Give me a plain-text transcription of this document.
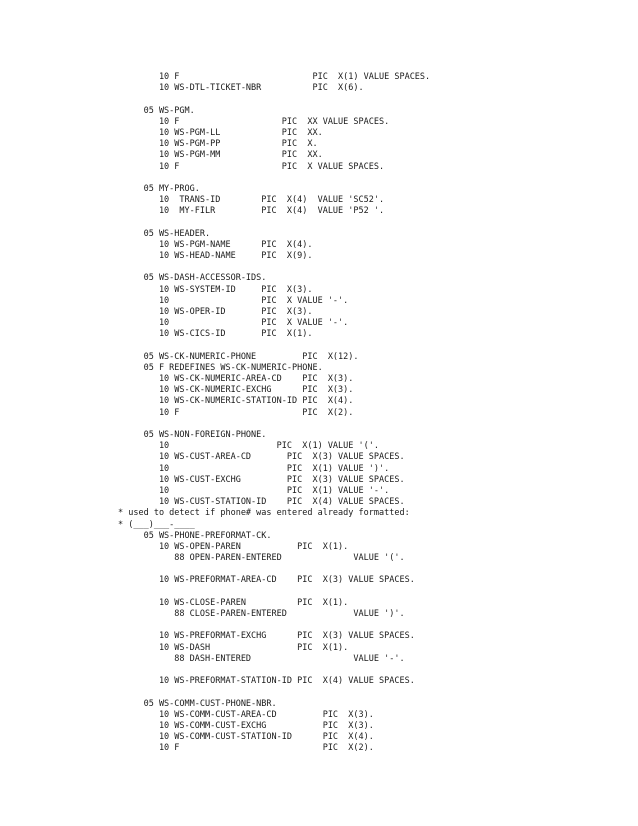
10 F                          PIC  X(1) VALUE SPACES.
10 WS-DTL-TICKET-NBR          PIC  X(6).
05 WS-PGM.
10 F                    PIC  XX VALUE SPACES.
10 WS-PGM-LL            PIC  XX.
10 WS-PGM-PP            PIC  X.
10 WS-PGM-MM            PIC  XX.
10 F                    PIC  X VALUE SPACES.
05 MY-PROG.
10  TRANS-ID        PIC  X(4)  VALUE 'SC52'.
10  MY-FILR         PIC  X(4)  VALUE 'P52 '.
05 WS-HEADER.
10 WS-PGM-NAME      PIC  X(4).
10 WS-HEAD-NAME     PIC  X(9).
05 WS-DASH-ACCESSOR-IDS.
10 WS-SYSTEM-ID     PIC  X(3).
10                  PIC  X VALUE '-'.
10 WS-OPER-ID       PIC  X(3).
10                  PIC  X VALUE '-'.
10 WS-CICS-ID       PIC  X(1).
05 WS-CK-NUMERIC-PHONE         PIC  X(12).
05 F REDEFINES WS-CK-NUMERIC-PHONE.
10 WS-CK-NUMERIC-AREA-CD    PIC  X(3).
10 WS-CK-NUMERIC-EXCHG      PIC  X(3).
10 WS-CK-NUMERIC-STATION-ID PIC  X(4).
10 F                        PIC  X(2).
05 WS-NON-FOREIGN-PHONE.
10                     PIC  X(1) VALUE '('.
10 WS-CUST-AREA-CD       PIC  X(3) VALUE SPACES.
10                       PIC  X(1) VALUE ')'.
10 WS-CUST-EXCHG         PIC  X(3) VALUE SPACES.
10                       PIC  X(1) VALUE '-'.
10 WS-CUST-STATION-ID    PIC  X(4) VALUE SPACES.
* used to detect if phone# was entered already formatted:
* (___)___-____
05 WS-PHONE-PREFORMAT-CK.
10 WS-OPEN-PAREN           PIC  X(1).
88 OPEN-PAREN-ENTERED              VALUE '('.
10 WS-PREFORMAT-AREA-CD    PIC  X(3) VALUE SPACES.
10 WS-CLOSE-PAREN          PIC  X(1).
88 CLOSE-PAREN-ENTERED             VALUE ')'.
10 WS-PREFORMAT-EXCHG      PIC  X(3) VALUE SPACES.
10 WS-DASH                 PIC  X(1).
88 DASH-ENTERED                    VALUE '-'.
10 WS-PREFORMAT-STATION-ID PIC  X(4) VALUE SPACES.
05 WS-COMM-CUST-PHONE-NBR.
10 WS-COMM-CUST-AREA-CD         PIC  X(3).
10 WS-COMM-CUST-EXCHG           PIC  X(3).
10 WS-COMM-CUST-STATION-ID      PIC  X(4).
10 F                            PIC  X(2).
